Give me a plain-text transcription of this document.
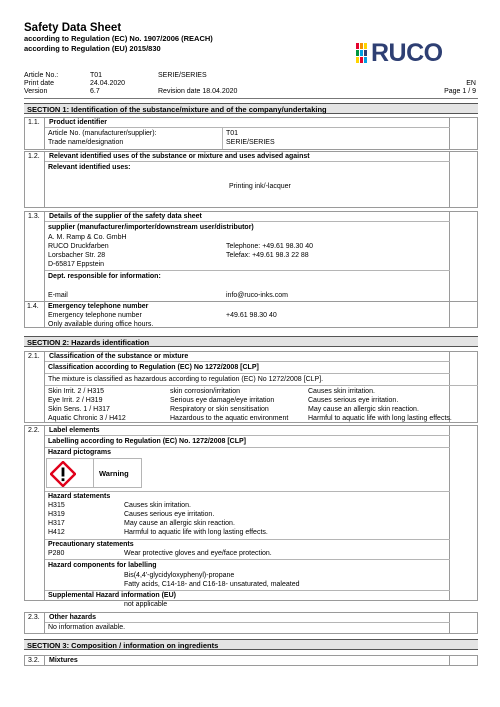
Safety Data Sheet
according to Regulation (EC) No. 1907/2006 (REACH)
according to Regulation (EU) 2015/830	RUCO
Article No.:	T01	SERIE/SERIES
Print date	24.04.2020	EN
Version	6.7	Revision date 18.04.2020	Page 1 / 9
SECTION 1: Identification of the substance/mixture and of the company/undertaking
1.1.	Product identifier
Article No. (manufacturer/supplier):	T01
Trade name/designation	SERIE/SERIES
1.2.	Relevant identified uses of the substance or mixture and uses advised against
Relevant identified uses:
Printing ink/-lacquer
1.3.	Details of the supplier of the safety data sheet
supplier (manufacturer/importer/downstream user/distributor)
A. M. Ramp & Co. GmbH
RUCO Druckfarben	Telephone: +49.61 98.30 40
Lorsbacher Str. 28	Telefax: +49.61 98.3 22 88
D-65817 Eppstein
Dept. responsible for information:
E-mail	info@ruco-inks.com
1.4. Emergency telephone number
Emergency telephone number	+49.61 98.30 40
Only available during office hours.
SECTION 2: Hazards identification
2.1.	Classification of the substance or mixture
Classification according to Regulation (EC) No 1272/2008 [CLP]
The mixture is classified as hazardous according to regulation (EC) No 1272/2008 [CLP].
Skin Irrit. 2 / H315	skin corrosion/irritation	Causes skin irritation.
Eye Irrit. 2 / H319	Serious eye damage/eye irritation	Causes serious eye irritation.
Skin Sens. 1 / H317	Respiratory or skin sensitisation	May cause an allergic skin reaction.
Aquatic Chronic 3 / H412	Hazardous to the aquatic environment	Harmful to aquatic life with long lasting effects.
2.2.	Label elements
Labelling according to Regulation (EC) No. 1272/2008 [CLP]
Hazard pictograms
Warning
Hazard statements
H315	Causes skin irritation.
H319	Causes serious eye irritation.
H317	May cause an allergic skin reaction.
H412	Harmful to aquatic life with long lasting effects.
Precautionary statements
P280	Wear protective gloves and eye/face protection.
Hazard components for labelling
Bis(4,4'-glycidyloxyphenyl)-propane
Fatty acids, C14-18- and C16-18- unsaturated, maleated
Supplemental Hazard information (EU)
not applicable
2.3.	Other hazards
No information available.
SECTION 3: Composition / information on ingredients
3.2.	Mixtures
